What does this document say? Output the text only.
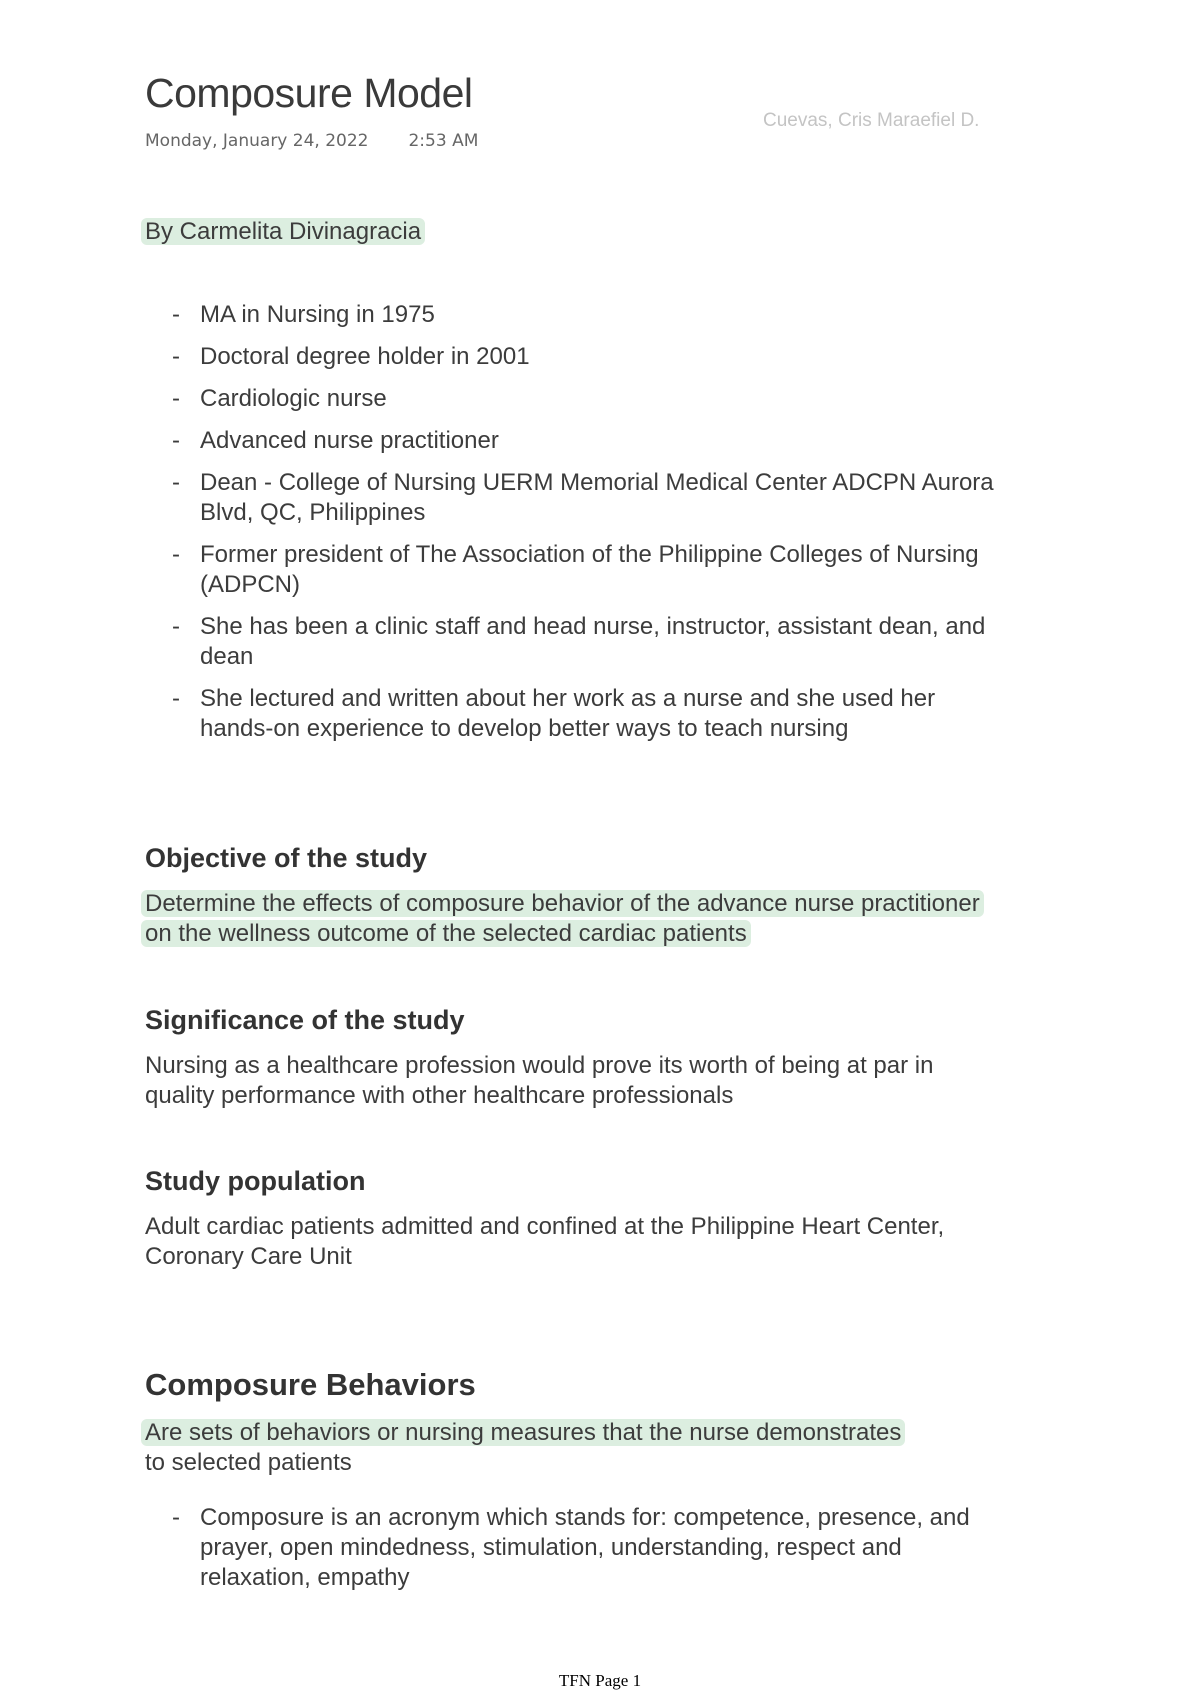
Composure Model
Monday, January 24, 2022 2:53 AM
Cuevas, Cris Maraefiel D.
By Carmelita Divinagracia
- MA in Nursing in 1975
- Doctoral degree holder in 2001
- Cardiologic nurse
- Advanced nurse practitioner
- Dean - College of Nursing UERM Memorial Medical Center ADCPN Aurora Blvd, QC, Philippines
- Former president of The Association of the Philippine Colleges of Nursing (ADPCN)
- She has been a clinic staff and head nurse, instructor, assistant dean, and dean
- She lectured and written about her work as a nurse and she used her hands-on experience to develop better ways to teach nursing
Objective of the study

Determine the effects of composure behavior of the advance nurse practitioner on the wellness outcome of the selected cardiac patients

Significance of the study

Nursing as a healthcare profession would prove its worth of being at par in quality performance with other healthcare professionals

Study population

Adult cardiac patients admitted and confined at the Philippine Heart Center, Coronary Care Unit

Composure Behaviors

Are sets of behaviors or nursing measures that the nurse demonstrates
to selected patients

- Composure is an acronym which stands for: competence, presence, and prayer, open mindedness, stimulation, understanding, respect and relaxation, empathy
TFN Page 1
